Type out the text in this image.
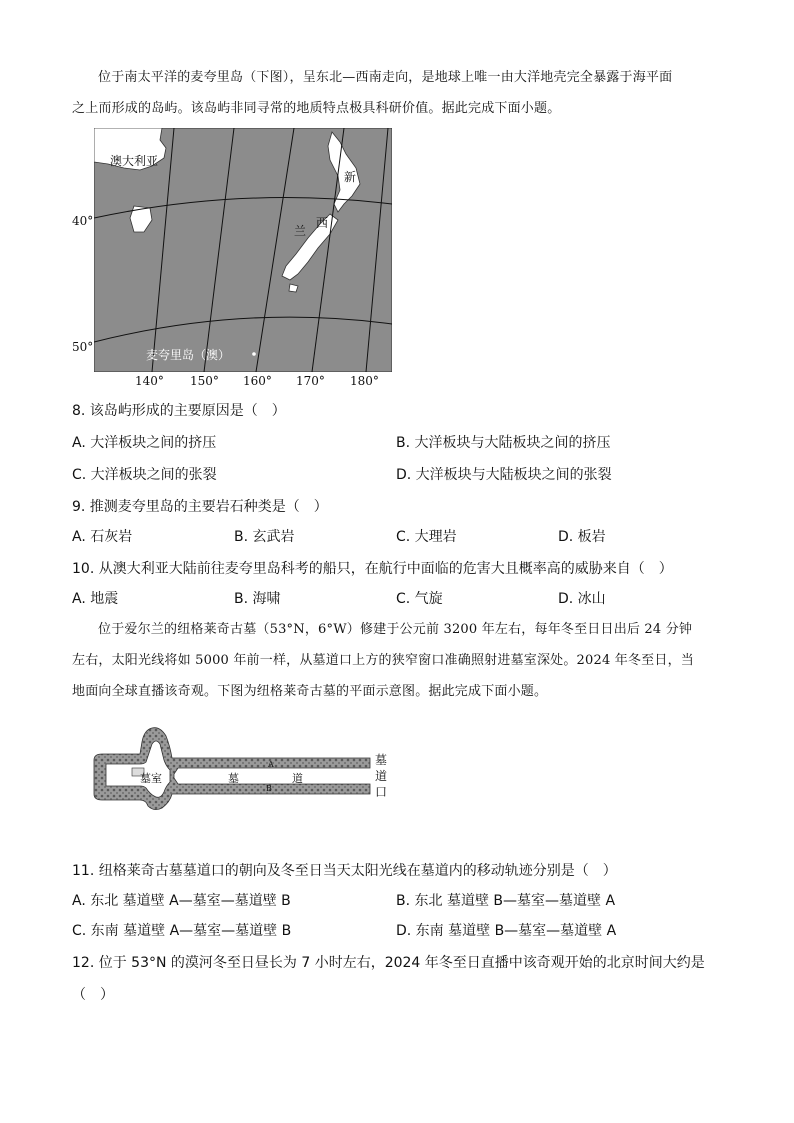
位于南太平洋的麦夸里岛（下图），呈东北—西南走向，是地球上唯一由大洋地壳完全暴露于海平面
之上而形成的岛屿。该岛屿非同寻常的地质特点极具科研价值。据此完成下面小题。
澳大利亚
新
西
兰
麦夸里岛（澳）
40°
50°
140° 150° 160° 170° 180°
8. 该岛屿形成的主要原因是（　）
A. 大洋板块之间的挤压	B. 大洋板块与大陆板块之间的挤压
C. 大洋板块之间的张裂	D. 大洋板块与大陆板块之间的张裂
9. 推测麦夸里岛的主要岩石种类是（　）
A. 石灰岩	B. 玄武岩	C. 大理岩	D. 板岩
10. 从澳大利亚大陆前往麦夸里岛科考的船只，在航行中面临的危害大且概率高的威胁来自（　）
A. 地震	B. 海啸	C. 气旋	D. 冰山
位于爱尔兰的纽格莱奇古墓（53°N，6°W）修建于公元前 3200 年左右，每年冬至日日出后 24 分钟
左右，太阳光线将如 5000 年前一样，从墓道口上方的狭窄窗口准确照射进墓室深处。2024 年冬至日，当
地面向全球直播该奇观。下图为纽格莱奇古墓的平面示意图。据此完成下面小题。
墓室	墓	道
A
B
墓
道
口
11. 纽格莱奇古墓墓道口的朝向及冬至日当天太阳光线在墓道内的移动轨迹分别是（　）
A. 东北 墓道壁 A—墓室—墓道壁 B	B. 东北 墓道壁 B—墓室—墓道壁 A
C. 东南 墓道壁 A—墓室—墓道壁 B	D. 东南 墓道壁 B—墓室—墓道壁 A
12. 位于 53°N 的漠河冬至日昼长为 7 小时左右，2024 年冬至日直播中该奇观开始的北京时间大约是
（　）
